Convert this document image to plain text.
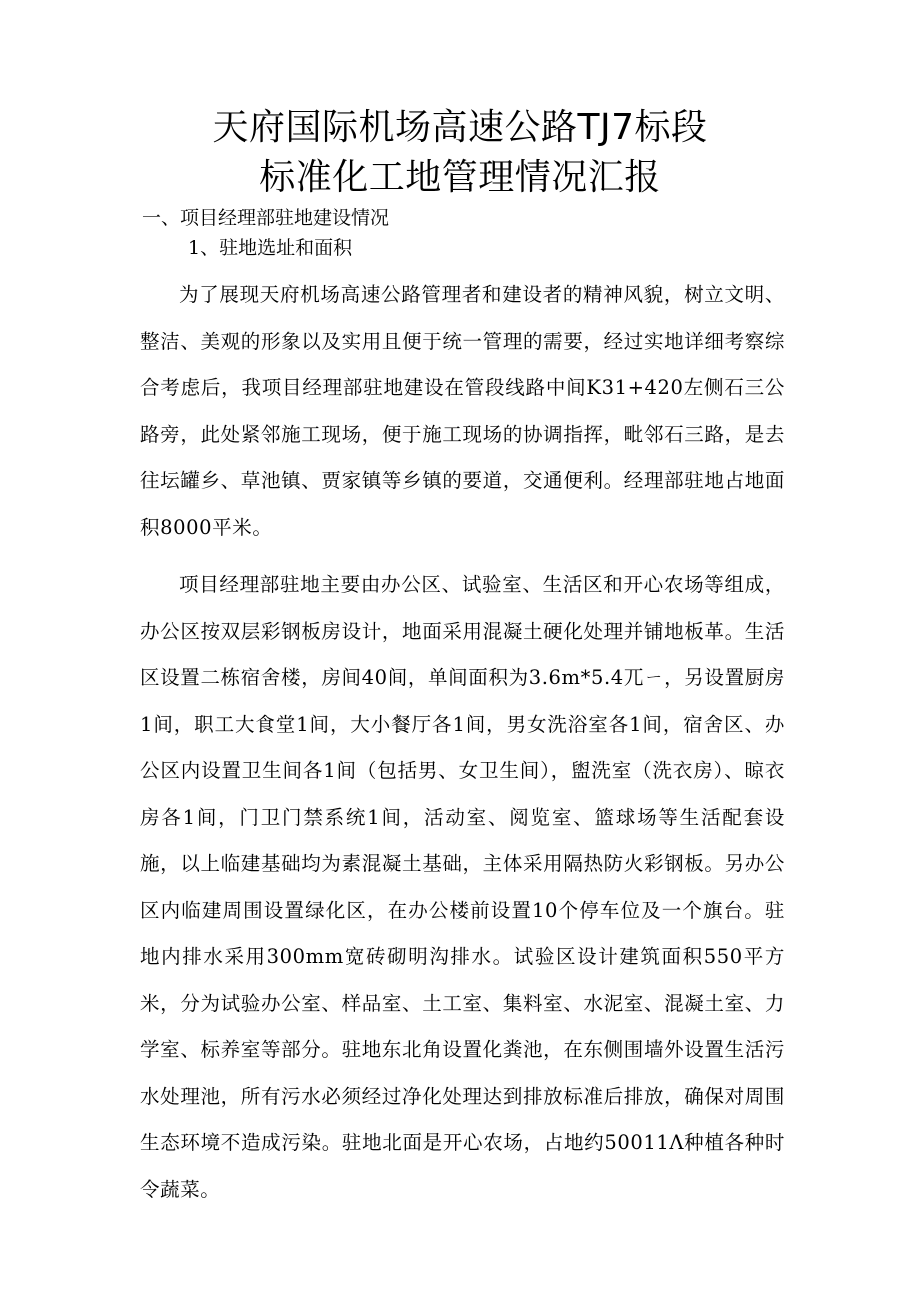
天府国际机场高速公路TJ7标段
标准化工地管理情况汇报
一、项目经理部驻地建设情况
1、驻地选址和面积

为了展现天府机场高速公路管理者和建设者的精神风貌，树立文明、整洁、美观的形象以及实用且便于统一管理的需要，经过实地详细考察综合考虑后，我项目经理部驻地建设在管段线路中间K31+420左侧石三公路旁，此处紧邻施工现场，便于施工现场的协调指挥，毗邻石三路，是去往坛罐乡、草池镇、贾家镇等乡镇的要道，交通便利。经理部驻地占地面积8000平米。

项目经理部驻地主要由办公区、试验室、生活区和开心农场等组成，办公区按双层彩钢板房设计，地面采用混凝土硬化处理并铺地板革。生活区设置二栋宿舍楼，房间40间，单间面积为3.6m*5.4ㄫㄧ，另设置厨房1间，职工大食堂1间，大小餐厅各1间，男女洗浴室各1间，宿舍区、办公区内设置卫生间各1间（包括男、女卫生间），盥洗室（洗衣房）、晾衣房各1间，门卫门禁系统1间，活动室、阅览室、篮球场等生活配套设施，以上临建基础均为素混凝土基础，主体采用隔热防火彩钢板。另办公区内临建周围设置绿化区，在办公楼前设置10个停车位及一个旗台。驻地内排水采用300mm宽砖砌明沟排水。试验区设计建筑面积550平方米，分为试验办公室、样品室、土工室、集料室、水泥室、混凝土室、力学室、标养室等部分。驻地东北角设置化粪池，在东侧围墙外设置生活污水处理池，所有污水必须经过净化处理达到排放标准后排放，确保对周围生态环境不造成污染。驻地北面是开心农场，占地约50011Λ种植各种时令蔬菜。
